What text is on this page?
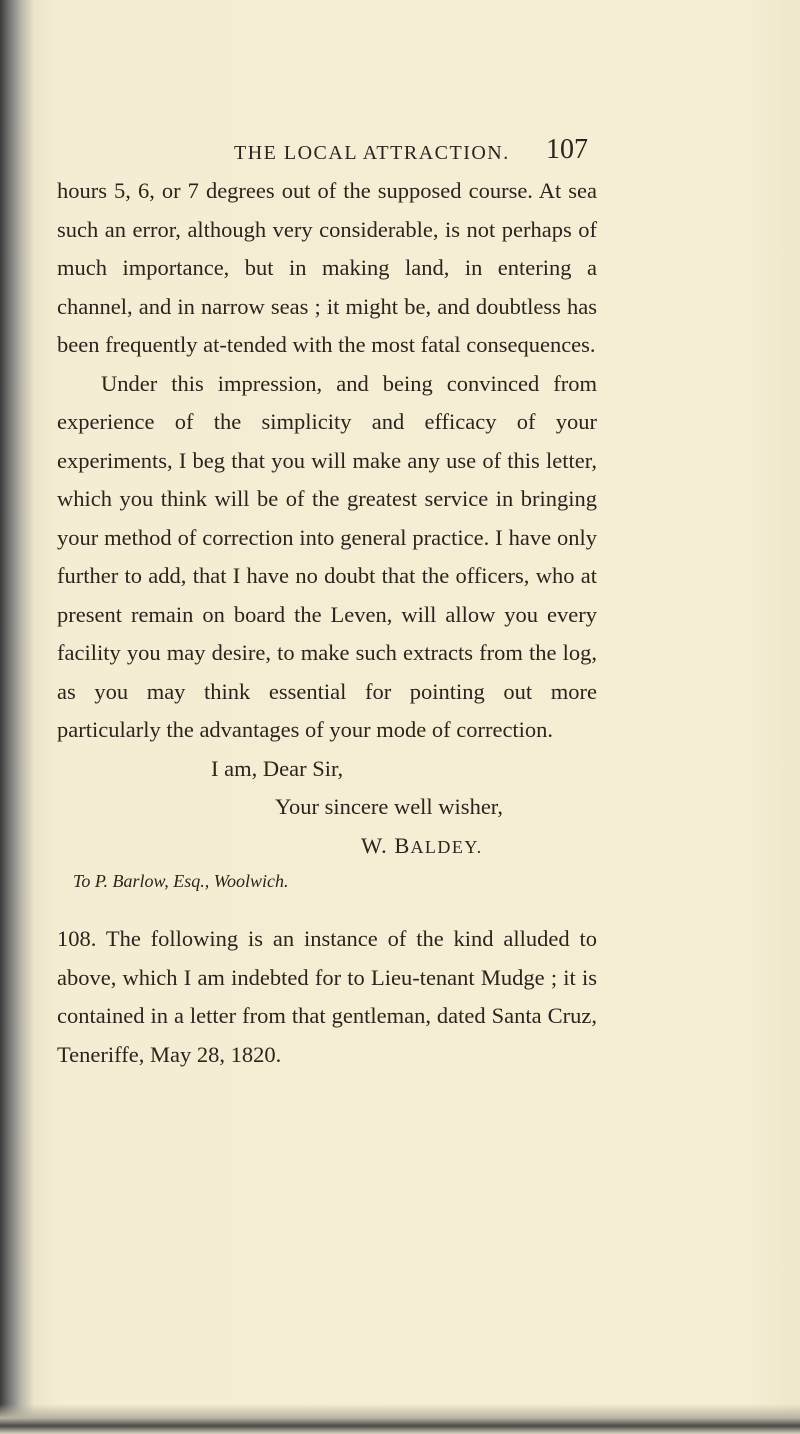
THE LOCAL ATTRACTION. 107

hours 5, 6, or 7 degrees out of the supposed course. At sea such an error, although very considerable, is not perhaps of much importance, but in making land, in entering a channel, and in narrow seas ; it might be, and doubtless has been frequently at-tended with the most fatal consequences.

Under this impression, and being convinced from experience of the simplicity and efficacy of your experiments, I beg that you will make any use of this letter, which you think will be of the greatest service in bringing your method of correction into general practice. I have only further to add, that I have no doubt that the officers, who at present remain on board the Leven, will allow you every facility you may desire, to make such extracts from the log, as you may think essential for pointing out more particularly the advantages of your mode of correction.

I am, Dear Sir,

Your sincere well wisher,

W. BALDEY.

To P. Barlow, Esq., Woolwich.

108. The following is an instance of the kind alluded to above, which I am indebted for to Lieu-tenant Mudge ; it is contained in a letter from that gentleman, dated Santa Cruz, Teneriffe, May 28, 1820.
